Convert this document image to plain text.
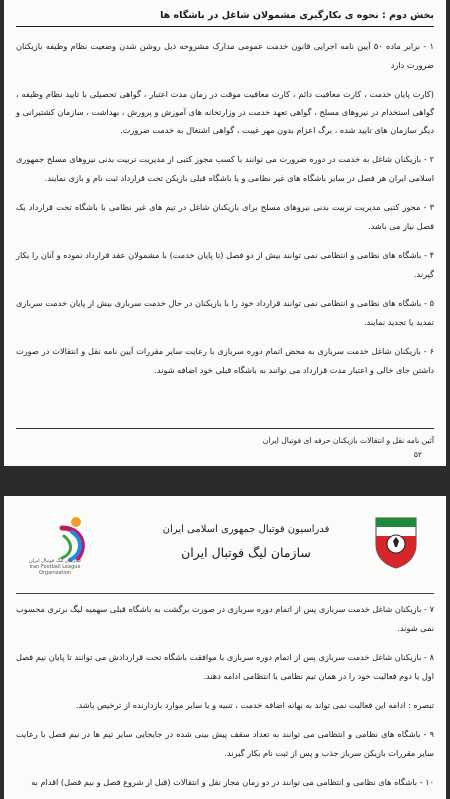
بخش دوم : نحوه ی بکارگیری مشمولان شاغل در باشگاه ها
۱ - برابر ماده ۵۰ آیین نامه اجرایی قانون خدمت عمومی مدارک مشروحه ذیل روشن شدن وضعیت نظام وظیفه بازیکنان ضرورت دارد
(کارت پایان خدمت ، کارت معافیت دائم ، کارت معافیت موقت در زمان مدت اعتبار ، گواهی تحصیلی با تایید نظام وظیفه ، گواهی استخدام در نیروهای مسلح ، گواهی تعهد خدمت در وزارتخانه های آموزش و پرورش ، بهداشت ، سازمان کشتیرانی و دیگر سازمان های تایید شده ، برگ اعزام بدون مهر غیبت ، گواهی اشتغال به خدمت ضرورت.
۲ - بازیکنان شاغل به خدمت در دوره ضرورت می توانند با کسب مجوز کتبی از مدیریت تربیت بدنی نیروهای مسلح جمهوری اسلامی ایران هر فصل در سایر باشگاه های غیر نظامی و یا باشگاه قبلی بازیکن تحت قرارداد ثبت نام و بازی نمایند.
۳ - مجوز کتبی مدیریت تربیت بدنی نیروهای مسلح برای بازیکنان شاغل در تیم های غیر نظامی با باشگاه تحت قرارداد یک فصل نیاز می باشد.
۴ - باشگاه های نظامی و انتظامی نمی توانند بیش از دو فصل (تا پایان خدمت) با مشمولان عقد قرارداد نموده و آنان را بکار گیرند.
۵ - باشگاه های نظامی و انتظامی نمی توانند قرارداد خود را با بازیکنان در حال خدمت سربازی بیش از پایان خدمت سربازی تمدید یا تجدید نمایند.
۶ - بازیکنان شاغل خدمت سربازی به محض اتمام دوره سربازی با رعایت سایر مقررات آیین نامه نقل و انتقالات در صورت داشتن جای خالی و اعتبار مدت قرارداد می توانند به باشگاه قبلی خود اضافه شوند.
آئین نامه نقل و انتقالات بازیکنان حرفه ای فوتبال ایران
۵۲
فدراسیون فوتبال جمهوری اسلامی ایران
سازمان لیگ فوتبال ایران
سازمان لیگ فوتبال ایران
Iran Football League Organization
۷ - بازیکنان شاغل خدمت سربازی پس از اتمام دوره سربازی در صورت برگشت به باشگاه قبلی سهمیه لیگ برتری محسوب نمی شوند.
۸ - بازیکنان شاغل خدمت سربازی پس از اتمام دوره سربازی با موافقت باشگاه تحت قراردادش می توانند تا پایان نیم فصل اول یا دوم فعالیت خود را در همان تیم نظامی یا انتظامی ادامه دهند.
تبصره : ادامه این فعالیت نمی تواند به بهانه اضافه خدمت ، تنبیه و یا سایر موارد بازدارنده از ترخیص باشد.
۹ - باشگاه های نظامی و انتظامی می توانند به تعداد سقف پیش بینی شده در جایجایی سایر تیم ها در نیم فصل با رعایت سایر مقررات بازیکن سرباز جذب و پس از ثبت نام بکار گیرند.
۱۰ - باشگاه های نظامی و انتظامی می توانند در دو زمان مجاز نقل و انتقالات (قبل از شروع فصل و نیم فصل) اقدام به
